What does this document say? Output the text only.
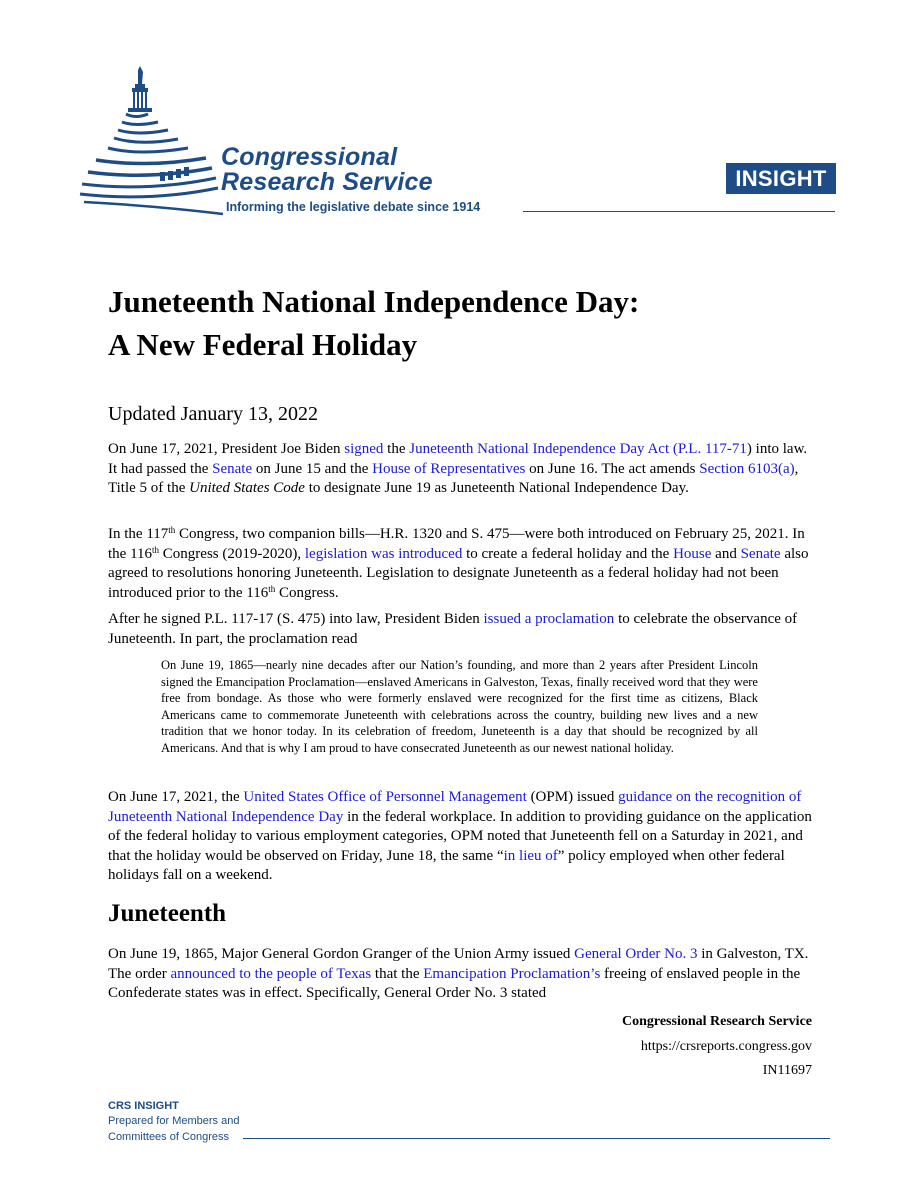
Congressional
Research Service
Informing the legislative debate since 1914
INSIGHT
Juneteenth National Independence Day:
A New Federal Holiday
Updated January 13, 2022
On June 17, 2021, President Joe Biden signed the Juneteenth National Independence Day Act (P.L. 117-71) into law. It had passed the Senate on June 15 and the House of Representatives on June 16. The act amends Section 6103(a), Title 5 of the United States Code to designate June 19 as Juneteenth National Independence Day.
In the 117th Congress, two companion bills—H.R. 1320 and S. 475—were both introduced on February 25, 2021. In the 116th Congress (2019-2020), legislation was introduced to create a federal holiday and the House and Senate also agreed to resolutions honoring Juneteenth. Legislation to designate Juneteenth as a federal holiday had not been introduced prior to the 116th Congress.
After he signed P.L. 117-17 (S. 475) into law, President Biden issued a proclamation to celebrate the observance of Juneteenth. In part, the proclamation read
On June 19, 1865—nearly nine decades after our Nation’s founding, and more than 2 years after President Lincoln signed the Emancipation Proclamation—enslaved Americans in Galveston, Texas, finally received word that they were free from bondage. As those who were formerly enslaved were recognized for the first time as citizens, Black Americans came to commemorate Juneteenth with celebrations across the country, building new lives and a new tradition that we honor today. In its celebration of freedom, Juneteenth is a day that should be recognized by all Americans. And that is why I am proud to have consecrated Juneteenth as our newest national holiday.
On June 17, 2021, the United States Office of Personnel Management (OPM) issued guidance on the recognition of Juneteenth National Independence Day in the federal workplace. In addition to providing guidance on the application of the federal holiday to various employment categories, OPM noted that Juneteenth fell on a Saturday in 2021, and that the holiday would be observed on Friday, June 18, the same “in lieu of” policy employed when other federal holidays fall on a weekend.
Juneteenth
On June 19, 1865, Major General Gordon Granger of the Union Army issued General Order No. 3 in Galveston, TX. The order announced to the people of Texas that the Emancipation Proclamation’s freeing of enslaved people in the Confederate states was in effect. Specifically, General Order No. 3 stated
Congressional Research Service
https://crsreports.congress.gov
IN11697
CRS INSIGHT
Prepared for Members and
Committees of Congress
